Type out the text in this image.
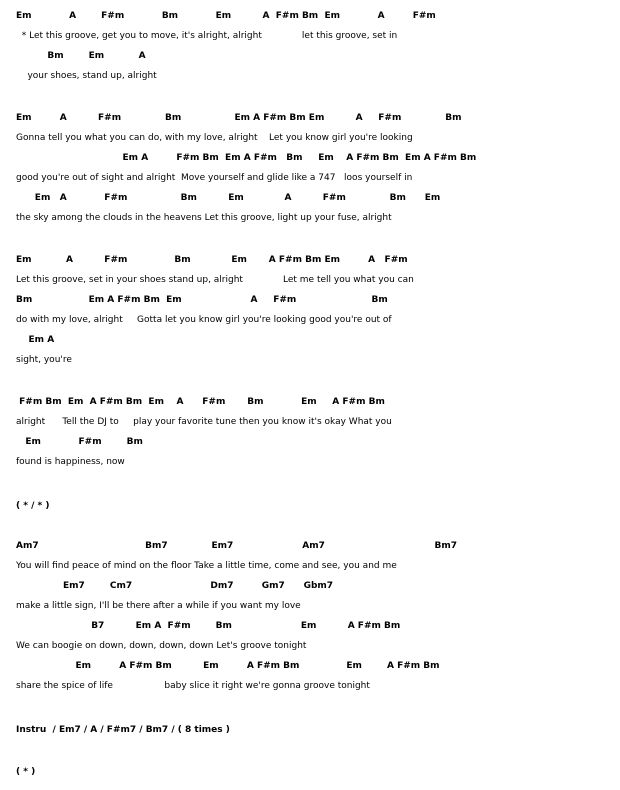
Em            A        F#m            Bm            Em          A  F#m Bm  Em            A         F#m
* Let this groove, get you to move, it's alright, alright              let this groove, set in
Bm        Em           A
your shoes, stand up, alright
Em         A          F#m              Bm                 Em A F#m Bm Em          A     F#m              Bm
Gonna tell you what you can do, with my love, alright    Let you know girl you're looking
Em A         F#m Bm  Em A F#m   Bm     Em    A F#m Bm  Em A F#m Bm
good you're out of sight and alright  Move yourself and glide like a 747   loos yourself in
Em   A            F#m                 Bm          Em             A          F#m              Bm      Em
the sky among the clouds in the heavens Let this groove, light up your fuse, alright
Em           A          F#m               Bm             Em       A F#m Bm Em         A   F#m
Let this groove, set in your shoes stand up, alright              Let me tell you what you can
Bm                  Em A F#m Bm  Em                      A     F#m                        Bm
do with my love, alright     Gotta let you know girl you're looking good you're out of
Em A
sight, you're
F#m Bm  Em  A F#m Bm  Em    A      F#m       Bm            Em     A F#m Bm
alright      Tell the DJ to     play your favorite tune then you know it's okay What you
Em            F#m        Bm
found is happiness, now
( * / * )
Am7                                  Bm7              Em7                      Am7                                   Bm7
You will find peace of mind on the floor Take a little time, come and see, you and me
Em7        Cm7                         Dm7         Gm7      Gbm7
make a little sign, I'll be there after a while if you want my love
B7          Em A  F#m        Bm                      Em          A F#m Bm
We can boogie on down, down, down, down Let's groove tonight
Em         A F#m Bm          Em         A F#m Bm               Em        A F#m Bm
share the spice of life                  baby slice it right we're gonna groove tonight
Instru  / Em7 / A / F#m7 / Bm7 / ( 8 times )
( * )
